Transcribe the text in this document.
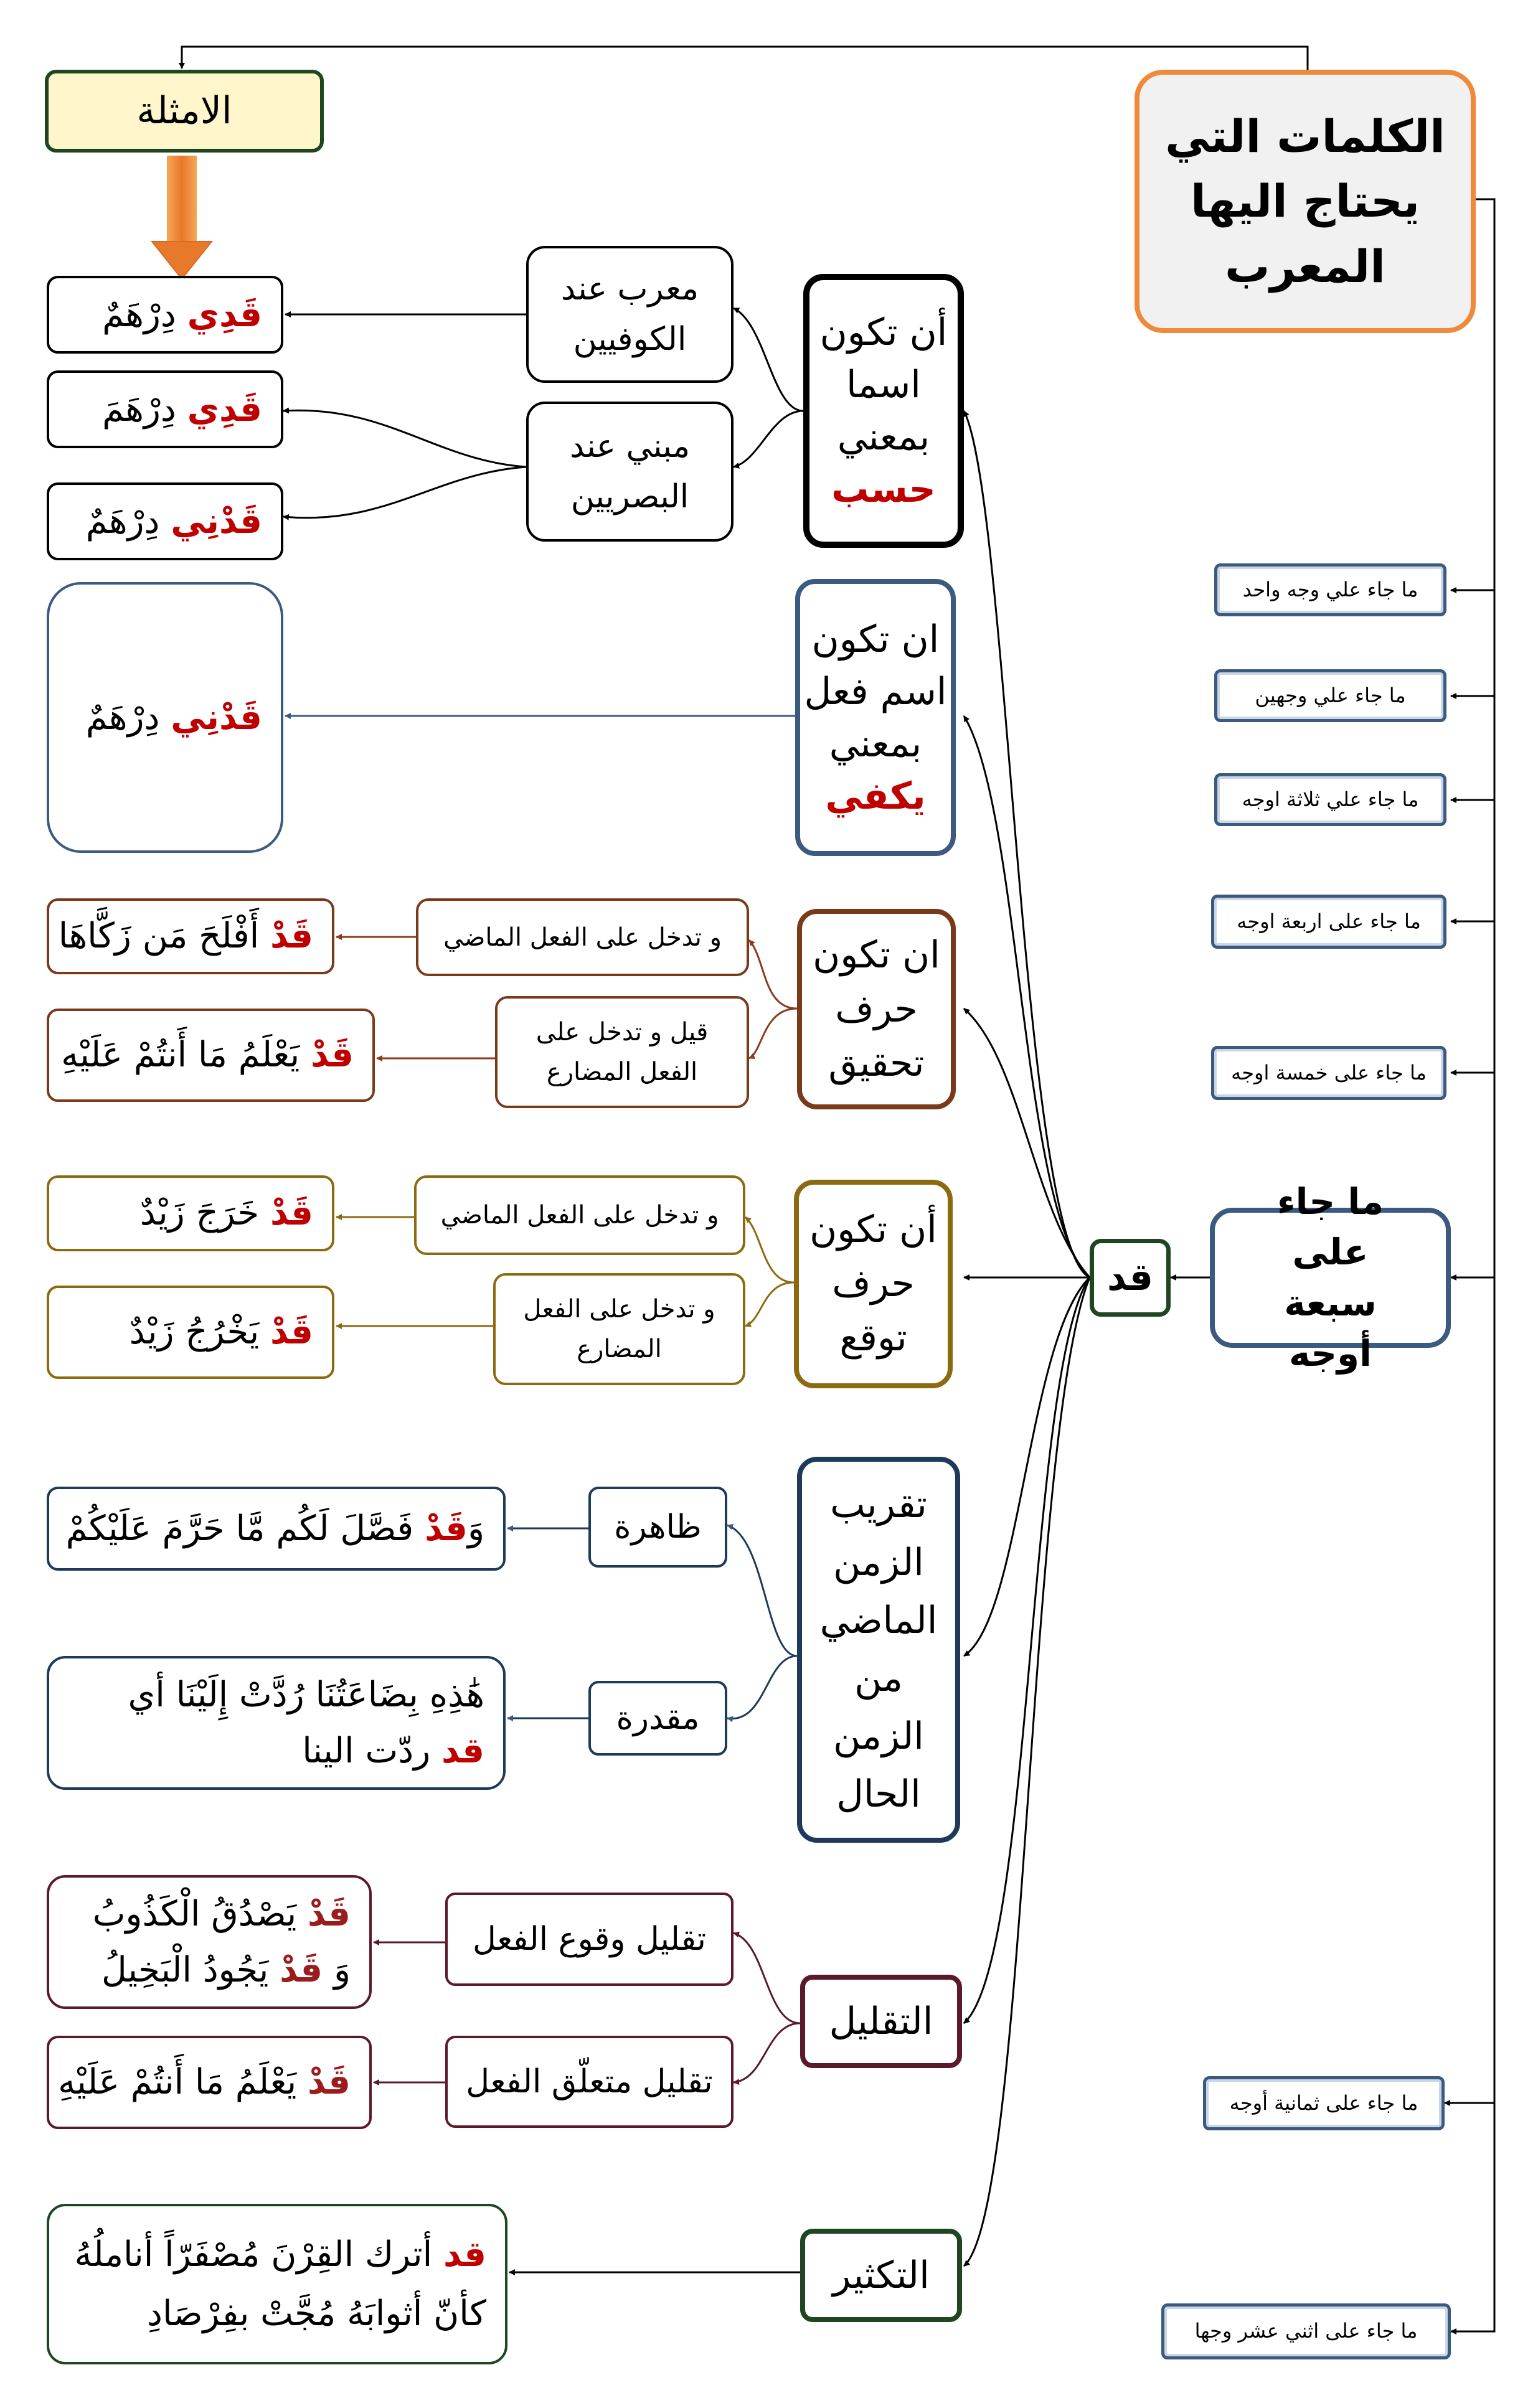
الكلمات التي يحتاج اليها المعرب
الامثلة
ما جاء علي وجه واحد
ما جاء علي وجهين
ما جاء علي ثلاثة اوجه
ما جاء على اربعة اوجه
ما جاء على خمسة اوجه
ما جاء على سبعة أوجه
ما جاء على ثمانية أوجه
ما جاء على اثني عشر وجها
قد
أن تكون
اسما
بمعني
حسب
ان تكون
اسم فعل
بمعني
يكفي
ان تكون
حرف
تحقيق
أن تكون
حرف
توقع
تقريب
الزمن
الماضي
من
الزمن
الحال
التقليل
التكثير
معرب عند
الكوفيين
مبني عند
البصريين
و تدخل على الفعل الماضي
قيل و تدخل على
الفعل المضارع
و تدخل على الفعل الماضي
و تدخل على الفعل
المضارع
ظاهرة
مقدرة
تقليل وقوع الفعل
تقليل متعلّق الفعل
قَدِي دِرْهَمٌ
قَدِي دِرْهَمَ
قَدْنِي دِرْهَمٌ
قَدْنِي دِرْهَمٌ
قَدْ أَفْلَحَ مَن زَكَّاهَا
قَدْ يَعْلَمُ مَا أَنتُمْ عَلَيْهِ
قَدْ خَرَجَ زَيْدٌ
قَدْ يَخْرُجُ زَيْدٌ
وَقَدْ فَصَّلَ لَكُم مَّا حَرَّمَ عَلَيْكُمْ
هَٰذِهِ بِضَاعَتُنَا رُدَّتْ إِلَيْنَا أي
قد ردّت الينا
قَدْ يَصْدُقُ الْكَذُوبُ
وَ قَدْ يَجُودُ الْبَخِيلُ
قَدْ يَعْلَمُ مَا أَنتُمْ عَلَيْهِ
قد أترك القِرْنَ مُصْفَرّاً أناملُهُ
كأنّ أثوابَهُ مُجَّتْ بفِرْصَادِ
